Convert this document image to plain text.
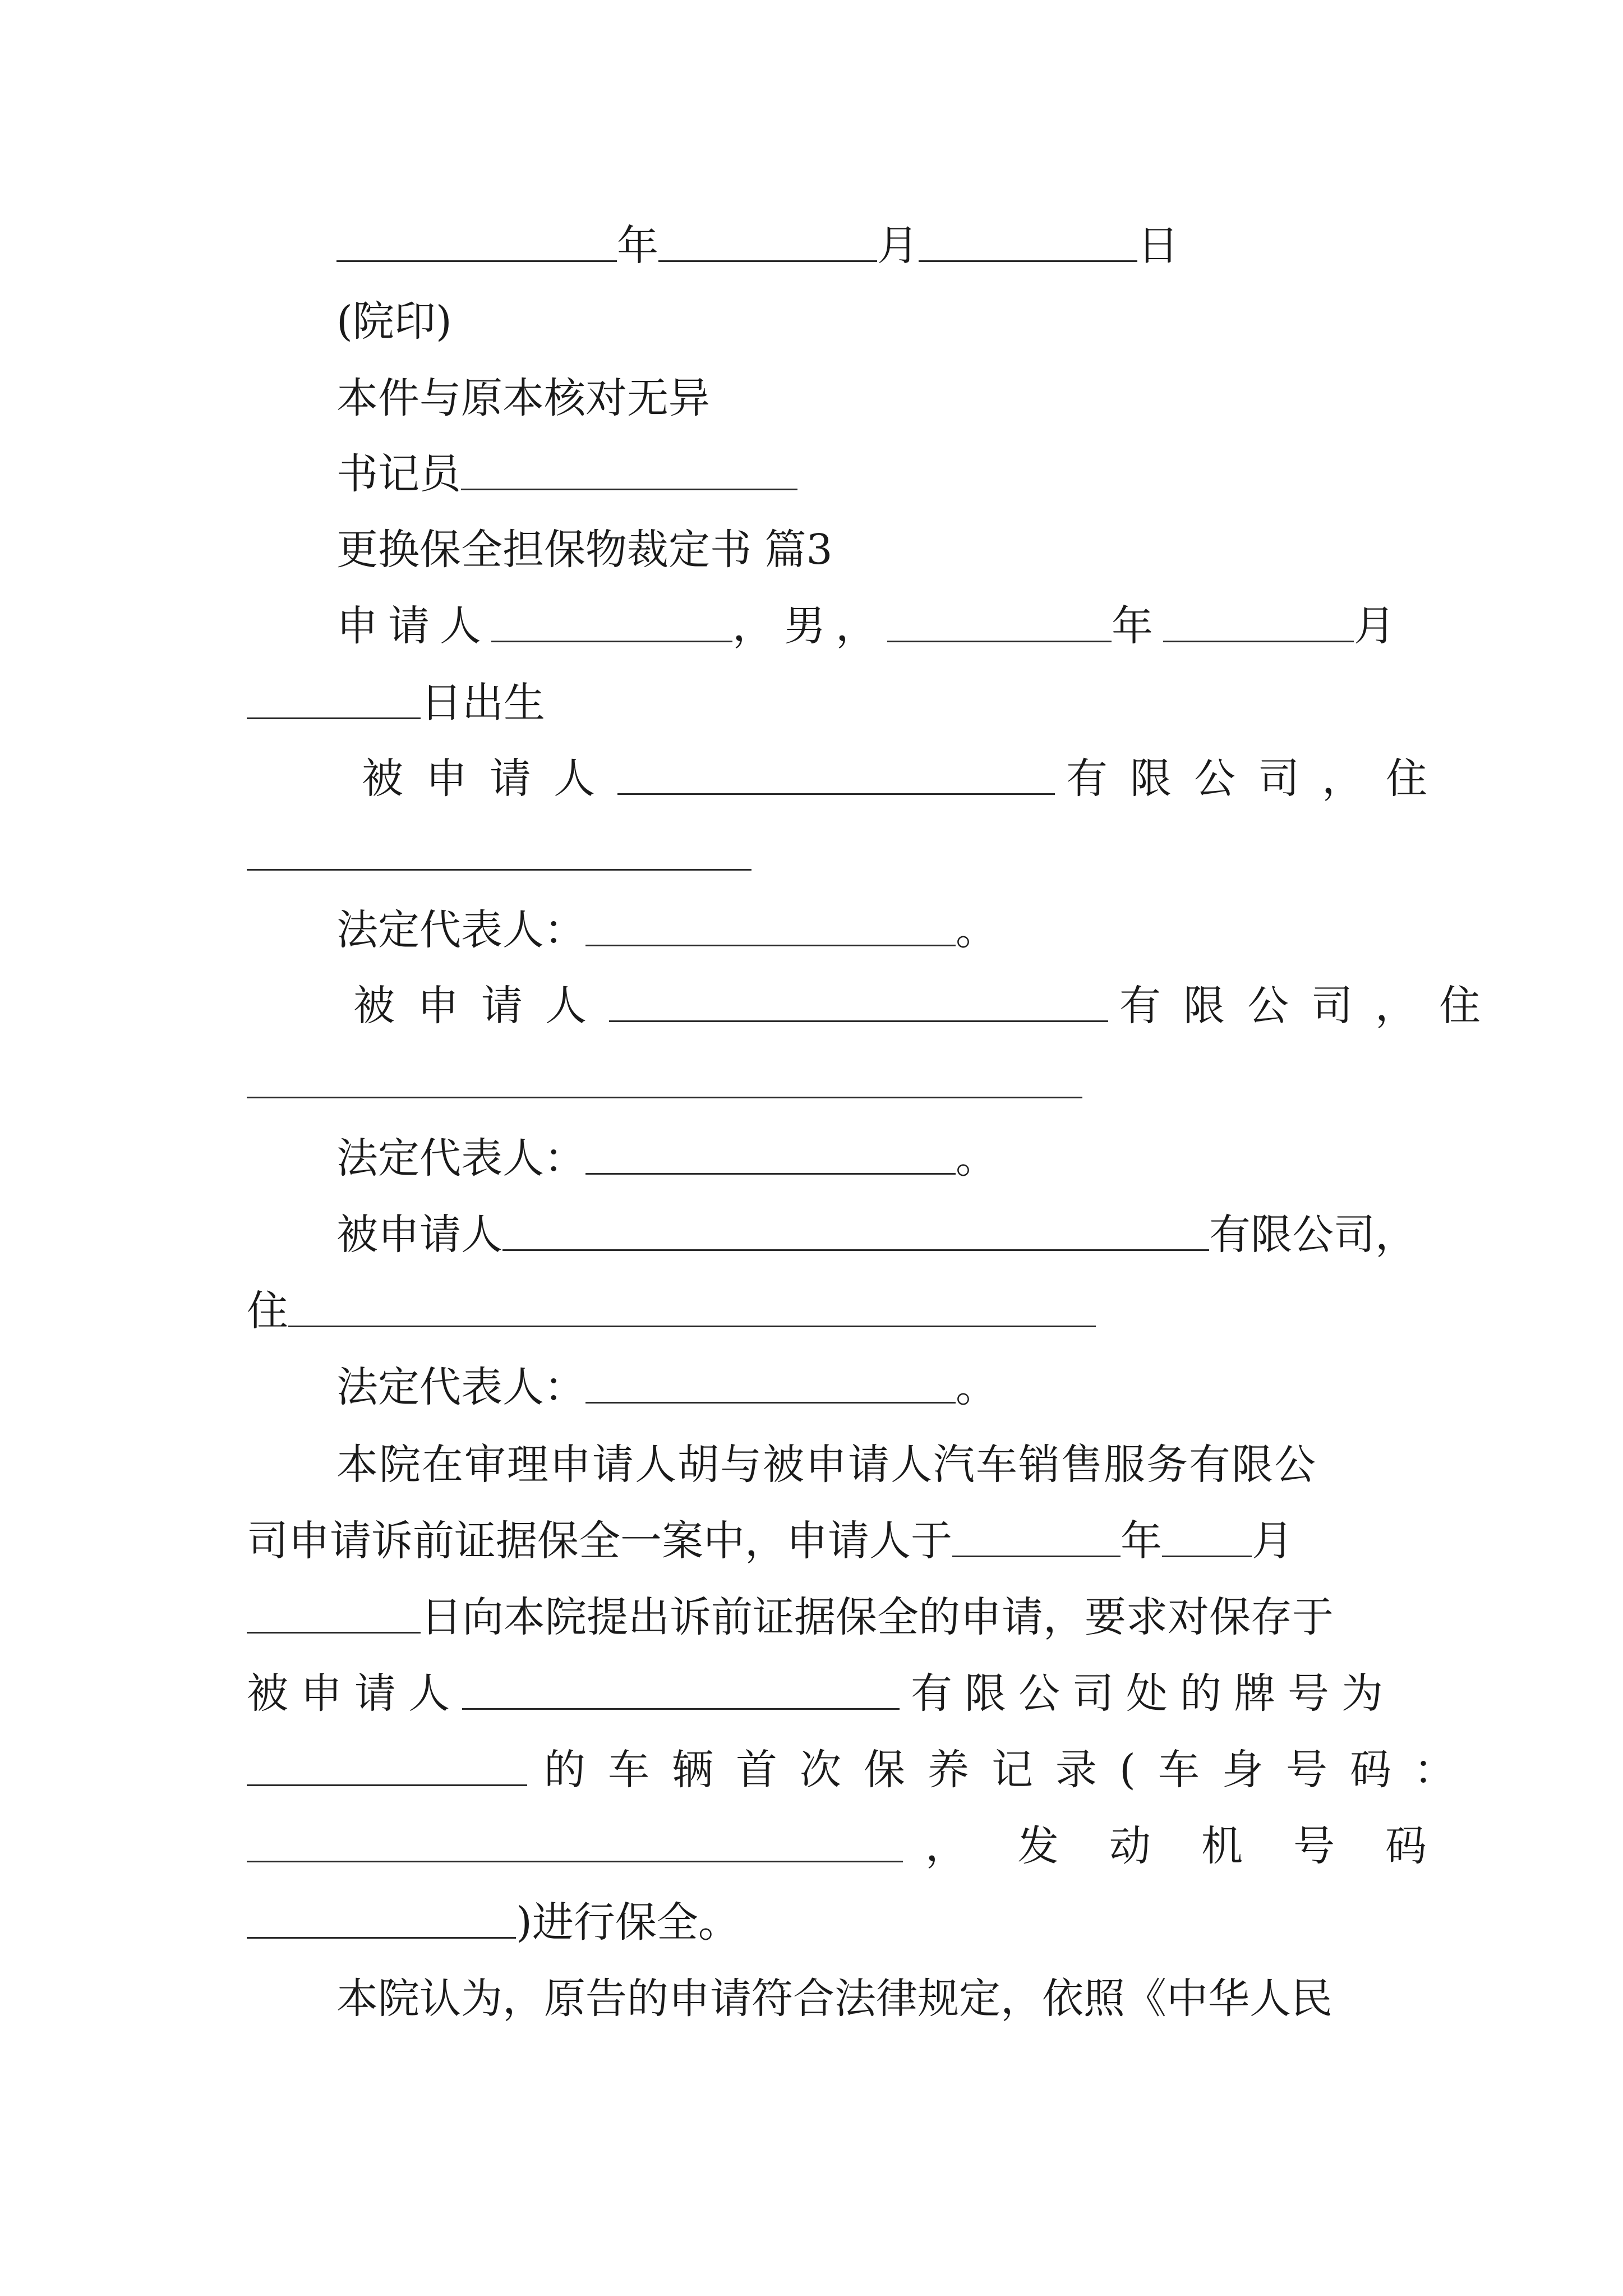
年	月	日
(院印)
本件与原本核对无异
书记员
更换保全担保物裁定书 篇3
申请人	，男，	年	月
日出生
被申请人	有限公司，住
法定代表人：	。
被申请人	有限公司，住
法定代表人：	。
被申请人	有限公司，
住
法定代表人：	。
本院在审理申请人胡与被申请人汽车销售服务有限公
司申请诉前证据保全一案中，申请人于	年 月
日向本院提出诉前证据保全的申请，要求对保存于
被申请人	有限公司处的牌号为
的车辆首次保养记录(车身号码：
，发动机号码
)进行保全。
本院认为，原告的申请符合法律规定，依照《中华人民
